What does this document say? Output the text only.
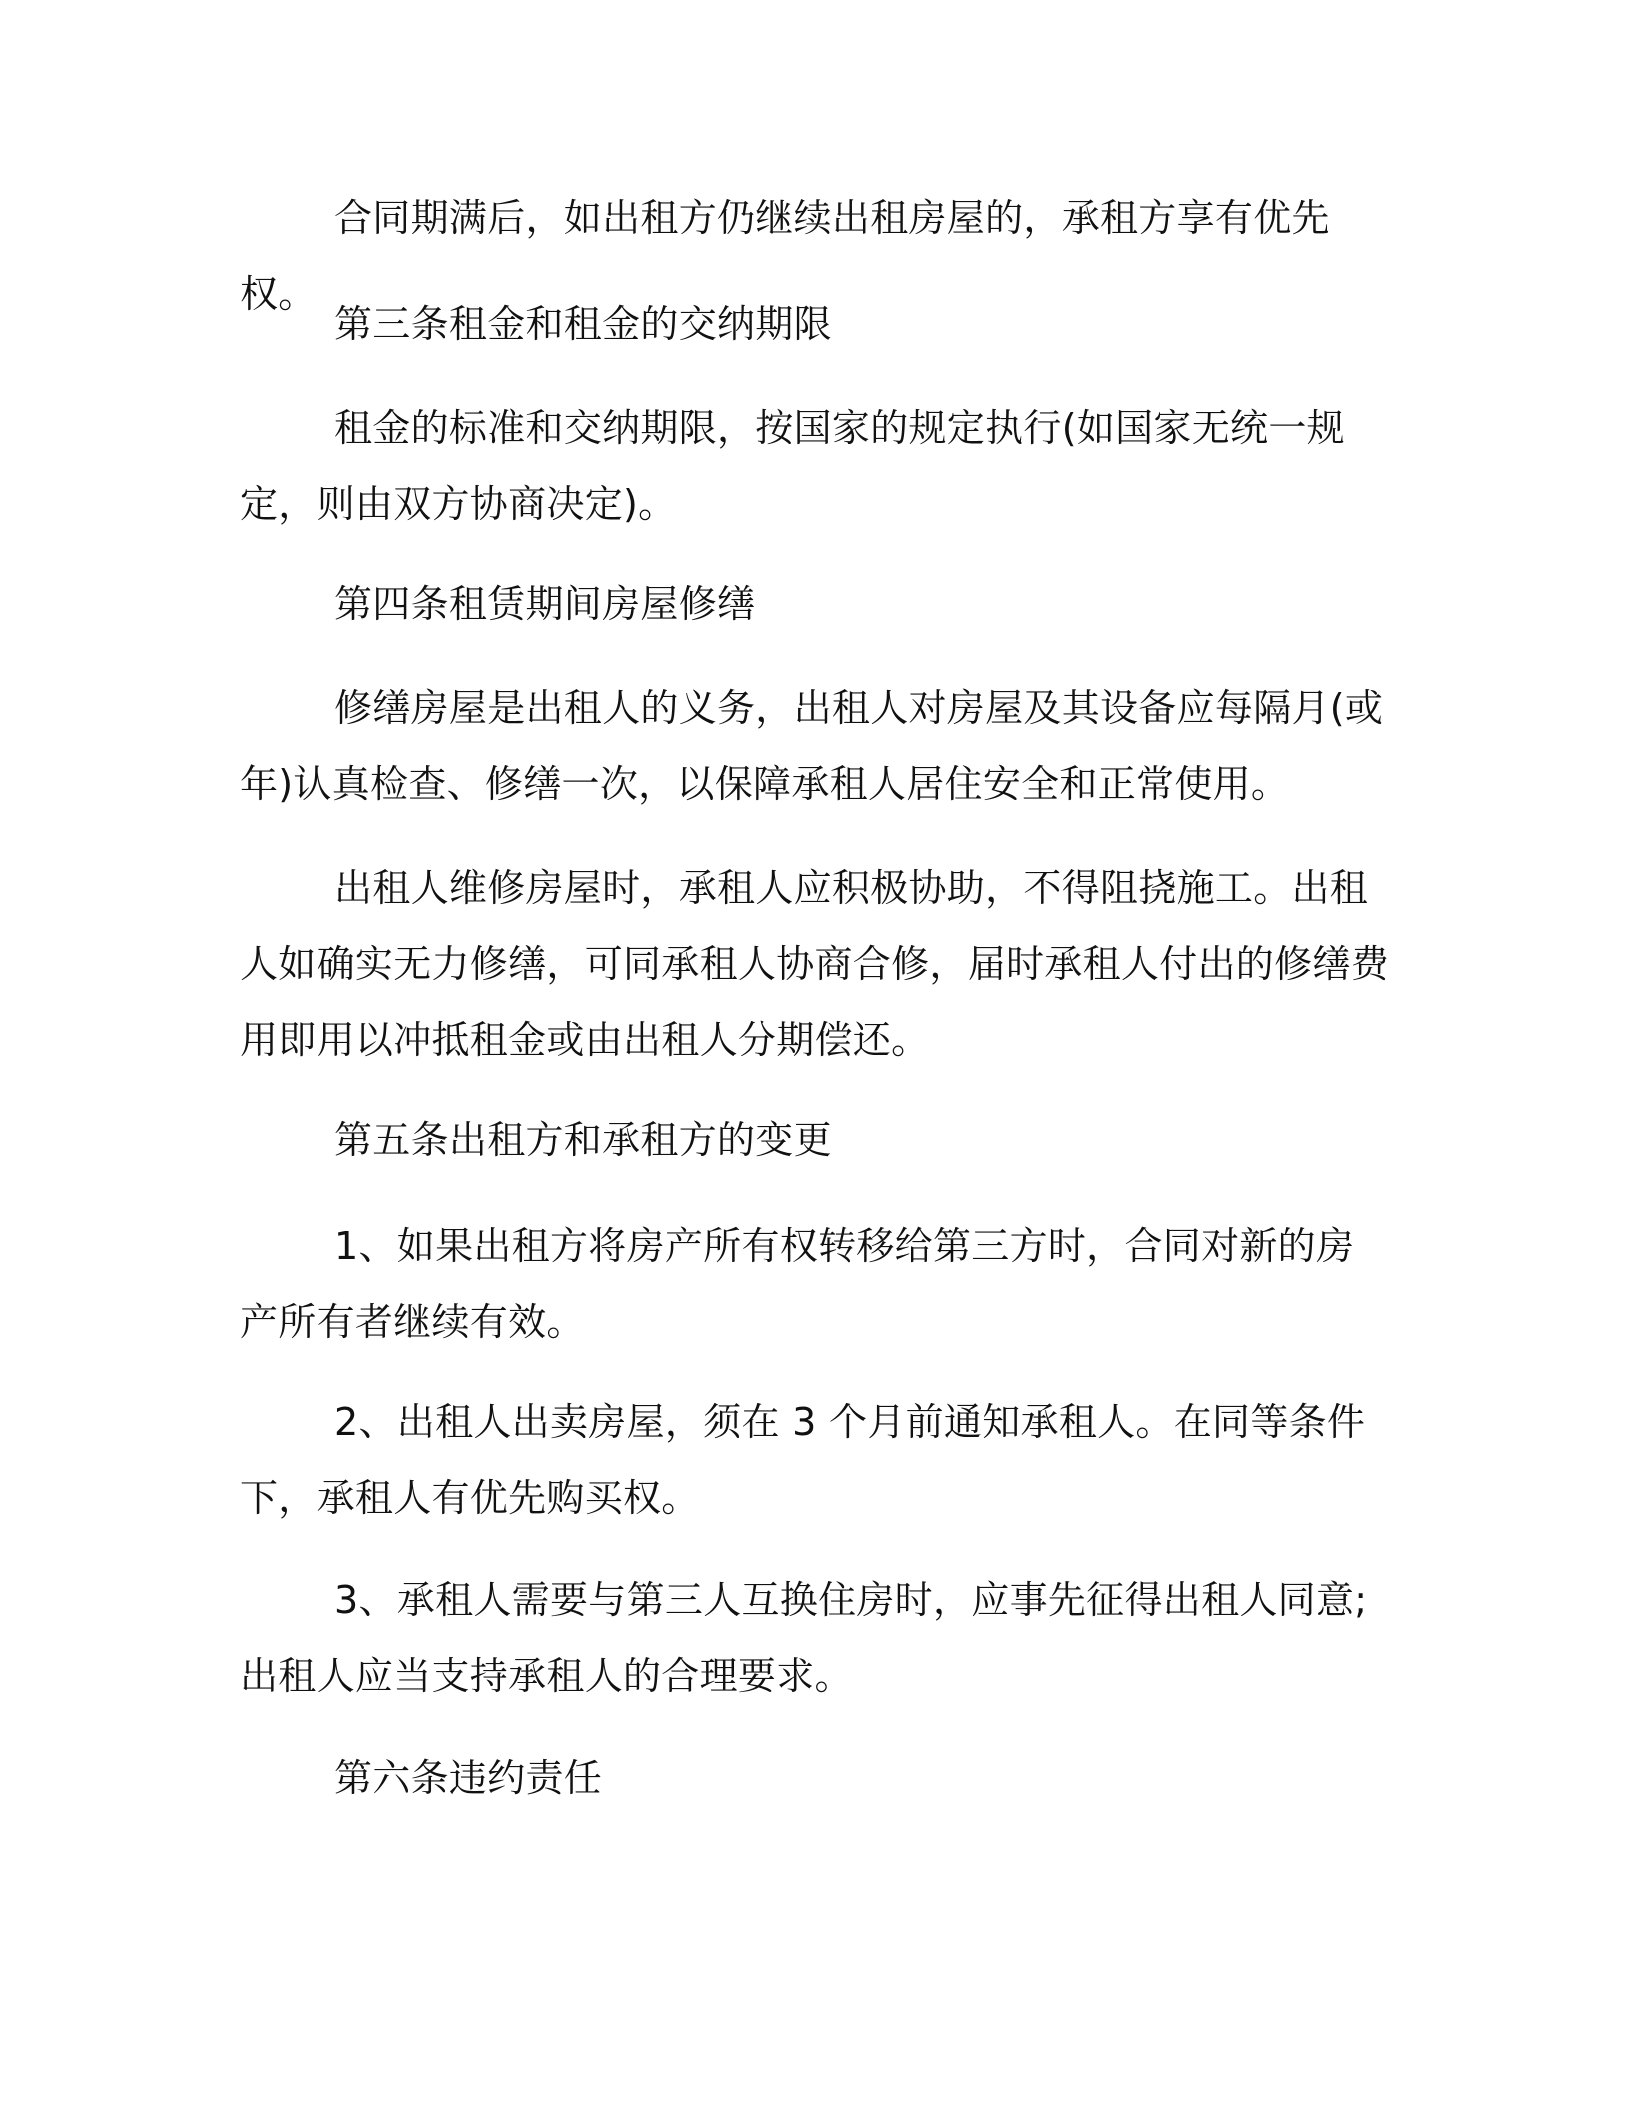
合同期满后，如出租方仍继续出租房屋的，承租方享有优先权。

第三条租金和租金的交纳期限

租金的标准和交纳期限，按国家的规定执行(如国家无统一规定，则由双方协商决定)。

第四条租赁期间房屋修缮

修缮房屋是出租人的义务，出租人对房屋及其设备应每隔月(或年)认真检查、修缮一次，以保障承租人居住安全和正常使用。

出租人维修房屋时，承租人应积极协助，不得阻挠施工。出租人如确实无力修缮，可同承租人协商合修，届时承租人付出的修缮费用即用以冲抵租金或由出租人分期偿还。

第五条出租方和承租方的变更

1、如果出租方将房产所有权转移给第三方时，合同对新的房产所有者继续有效。

2、出租人出卖房屋，须在 3 个月前通知承租人。在同等条件下，承租人有优先购买权。

3、承租人需要与第三人互换住房时，应事先征得出租人同意;出租人应当支持承租人的合理要求。

第六条违约责任
